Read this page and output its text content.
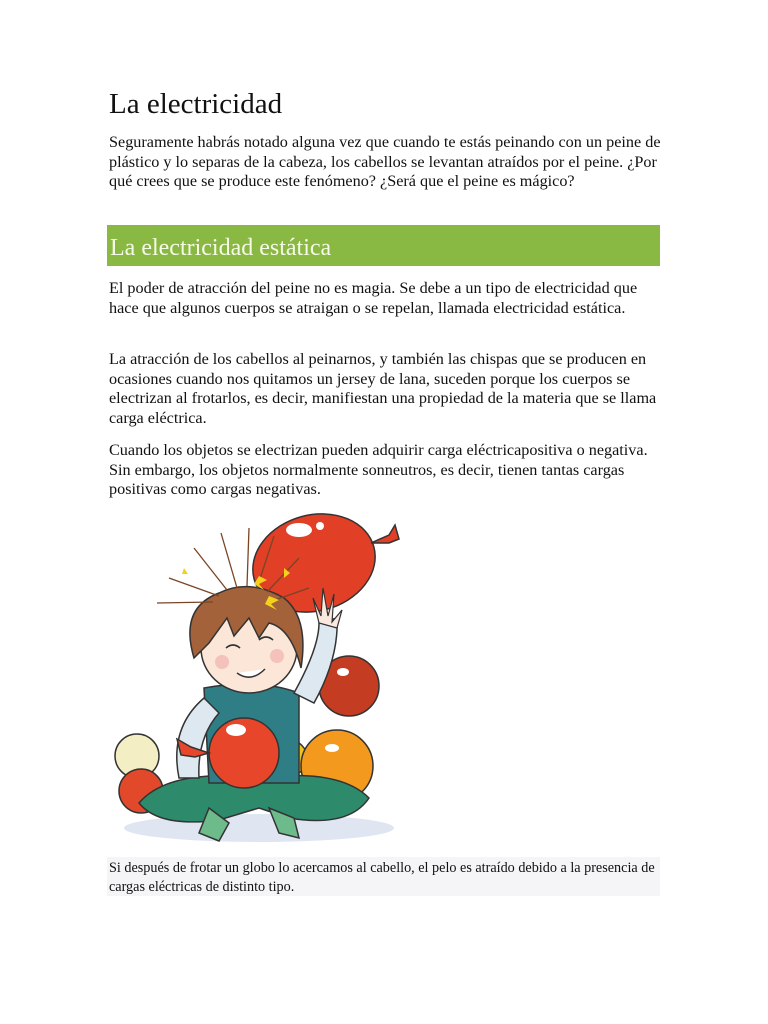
La electricidad

Seguramente habrás notado alguna vez que cuando te estás peinando con un peine de plástico y lo separas de la cabeza, los cabellos se levantan atraídos por el peine. ¿Por qué crees que se produce este fenómeno? ¿Será que el peine es mágico?

La electricidad estática

El poder de atracción del peine no es magia. Se debe a un tipo de electricidad que hace que algunos cuerpos se atraigan o se repelan, llamada electricidad estática.

La atracción de los cabellos al peinarnos, y también las chispas que se producen en ocasiones cuando nos quitamos un jersey de lana, suceden porque los cuerpos se electrizan al frotarlos, es decir, manifiestan una propiedad de la materia que se llama carga eléctrica.

Cuando los objetos se electrizan pueden adquirir carga eléctricapositiva o negativa. Sin embargo, los objetos normalmente sonneutros, es decir, tienen tantas cargas positivas como cargas negativas.

Si después de frotar un globo lo acercamos al cabello, el pelo es atraído debido a la presencia de cargas eléctricas de distinto tipo.
